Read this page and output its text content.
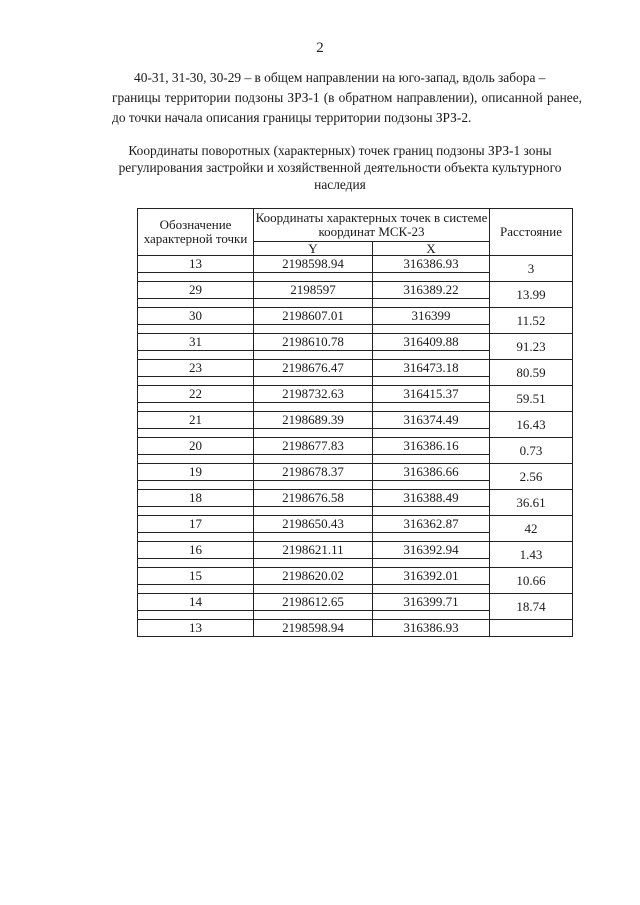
2
40-31, 31-30, 30-29 – в общем направлении на юго-запад, вдоль забора –
границы территории подзоны ЗРЗ-1 (в обратном направлении), описанной ранее, до точки начала описания границы территории подзоны ЗРЗ-2.
Координаты поворотных (характерных) точек границ подзоны ЗРЗ-1 зоны регулирования застройки и хозяйственной деятельности объекта культурного наследия
Обозначение характерной точки	Координаты характерных точек в системе координат МСК-23		Расстояние
	Y	X	
13	2198598.94	316386.93	3

29	2198597	316389.22	13.99

30	2198607.01	316399	11.52

31	2198610.78	316409.88	91.23

23	2198676.47	316473.18	80.59

22	2198732.63	316415.37	59.51

21	2198689.39	316374.49	16.43

20	2198677.83	316386.16	0.73

19	2198678.37	316386.66	2.56

18	2198676.58	316388.49	36.61

17	2198650.43	316362.87	42

16	2198621.11	316392.94	1.43

15	2198620.02	316392.01	10.66

14	2198612.65	316399.71	18.74

13	2198598.94	316386.93	
